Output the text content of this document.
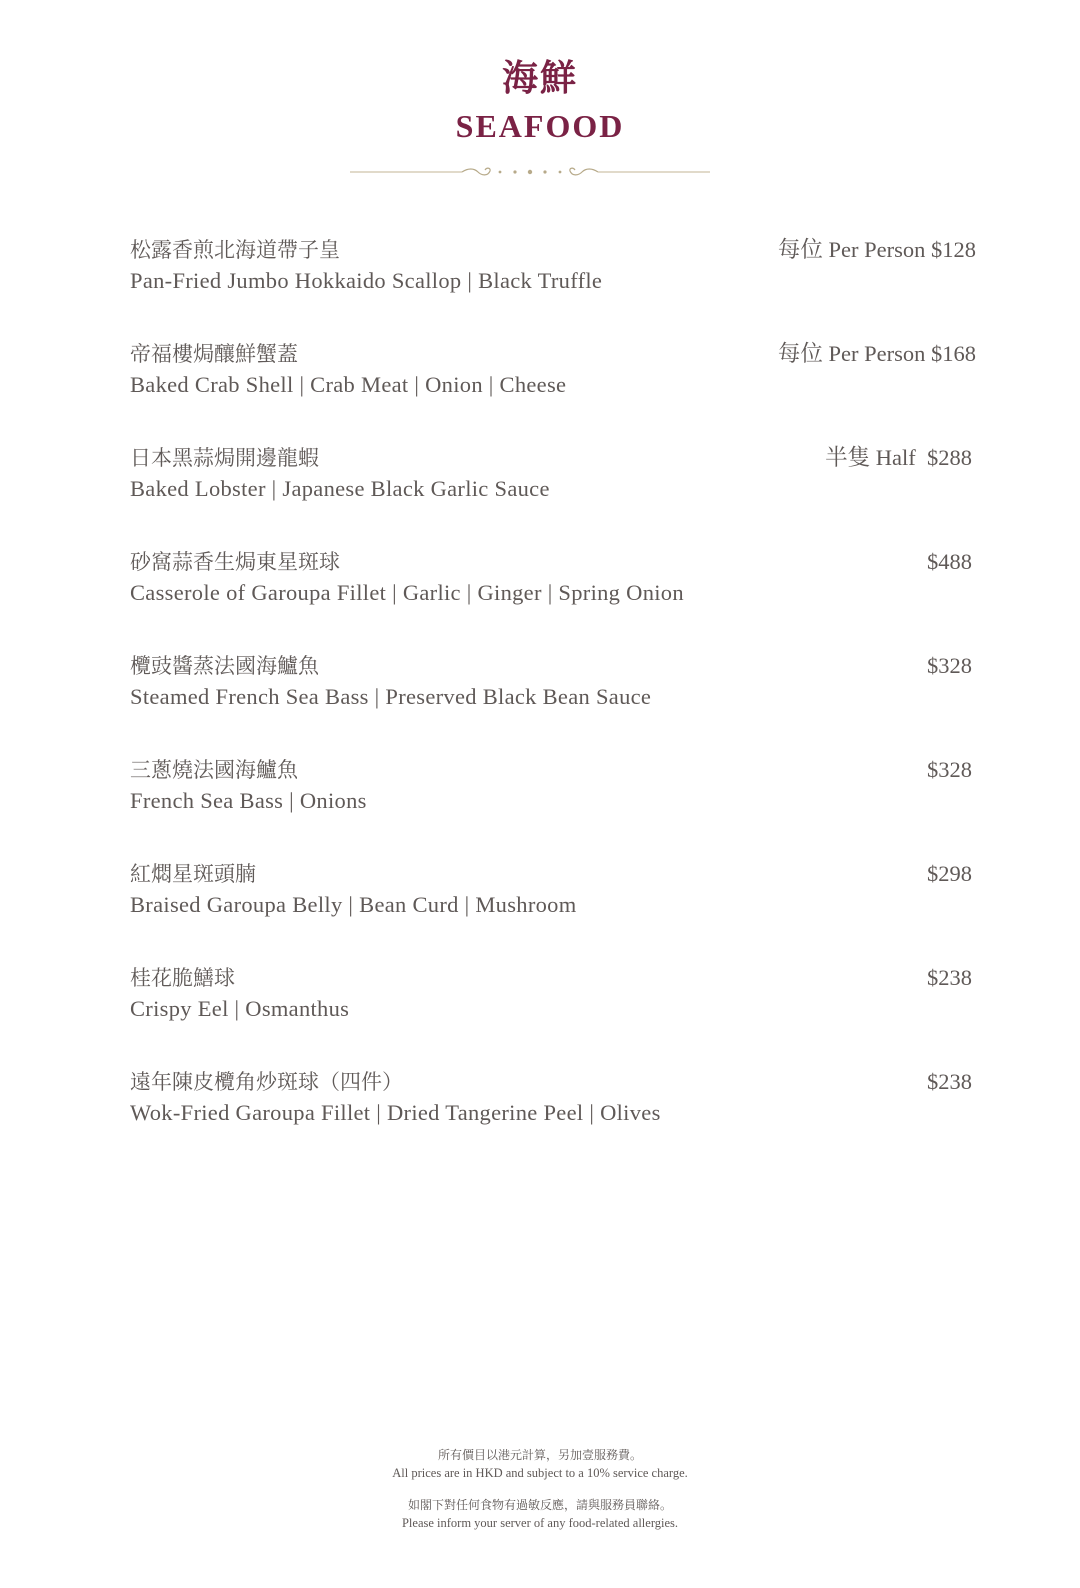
海鮮
SEAFOOD
松露香煎北海道帶子皇
Pan-Fried Jumbo Hokkaido Scallop | Black Truffle
每位 Per Person $128
帝福樓焗釀鮮蟹蓋
Baked Crab Shell | Crab Meat | Onion | Cheese
每位 Per Person $168
日本黑蒜焗開邊龍蝦
Baked Lobster | Japanese Black Garlic Sauce
半隻 Half  $288
砂窩蒜香生焗東星斑球
Casserole of Garoupa Fillet | Garlic | Ginger | Spring Onion
$488
欖豉醬蒸法國海鱸魚
Steamed French Sea Bass | Preserved Black Bean Sauce
$328
三蔥燒法國海鱸魚
French Sea Bass | Onions
$328
紅燜星斑頭腩
Braised Garoupa Belly | Bean Curd | Mushroom
$298
桂花脆鱔球
Crispy Eel | Osmanthus
$238
遠年陳皮欖角炒斑球（四件）
Wok-Fried Garoupa Fillet | Dried Tangerine Peel | Olives
$238
所有價目以港元計算，另加壹服務費。
All prices are in HKD and subject to a 10% service charge.
如閣下對任何食物有過敏反應，請與服務員聯絡。
Please inform your server of any food-related allergies.
